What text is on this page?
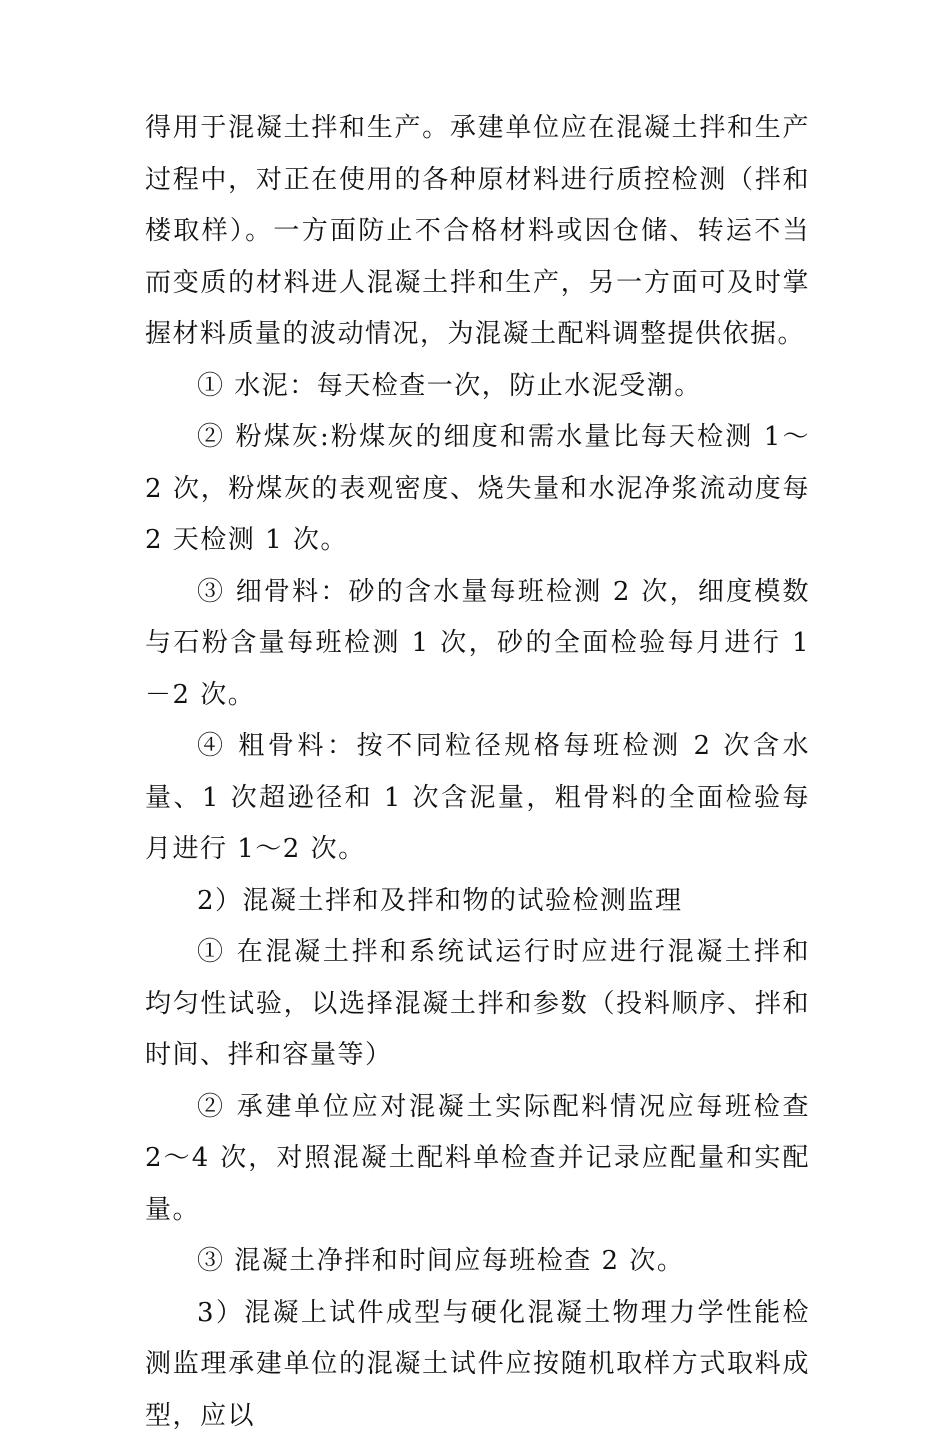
得用于混凝土拌和生产。承建单位应在混凝土拌和生产过程中，对正在使用的各种原材料进行质控检测（拌和楼取样）。一方面防止不合格材料或因仓储、转运不当而变质的材料进人混凝土拌和生产，另一方面可及时掌握材料质量的波动情况，为混凝土配料调整提供依据。

① 水泥：每天检查一次，防止水泥受潮。

② 粉煤灰:粉煤灰的细度和需水量比每天检测 1～2 次，粉煤灰的表观密度、烧失量和水泥净浆流动度每 2 天检测 1 次。

③ 细骨料：砂的含水量每班检测 2 次，细度模数与石粉含量每班检测 1 次，砂的全面检验每月进行 1－2 次。

④ 粗骨料：按不同粒径规格每班检测 2 次含水量、1 次超逊径和 1 次含泥量，粗骨料的全面检验每月进行 1～2 次。

2）混凝土拌和及拌和物的试验检测监理

① 在混凝土拌和系统试运行时应进行混凝土拌和均匀性试验，以选择混凝土拌和参数（投料顺序、拌和时间、拌和容量等）

② 承建单位应对混凝土实际配料情况应每班检查 2～4 次，对照混凝土配料单检查并记录应配量和实配量。

③ 混凝土净拌和时间应每班检查 2 次。

3）混凝上试件成型与硬化混凝土物理力学性能检测监理承建单位的混凝土试件应按随机取样方式取料成型，应以
